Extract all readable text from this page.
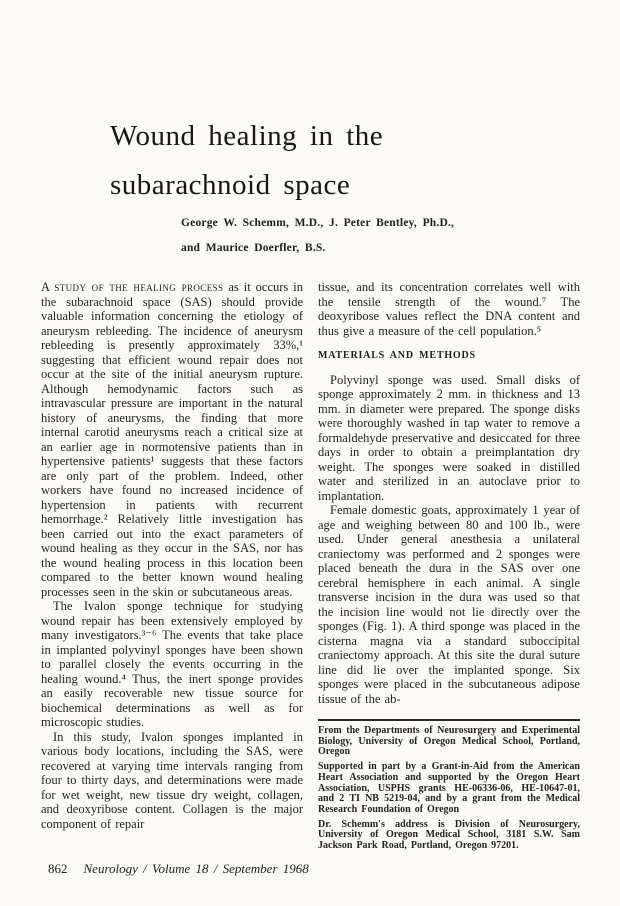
Wound healing in the
subarachnoid space
George W. Schemm, M.D., J. Peter Bentley, Ph.D.,
and Maurice Doerfler, B.S.

A study of the healing process as it occurs in the subarachnoid space (SAS) should provide valuable information concerning the etiology of aneurysm rebleeding. The incidence of aneurysm rebleeding is presently approximately 33%,¹ suggesting that efficient wound repair does not occur at the site of the initial aneurysm rupture. Although hemodynamic factors such as intravascular pressure are important in the natural history of aneurysms, the finding that more internal carotid aneurysms reach a critical size at an earlier age in normotensive patients than in hypertensive patients¹ suggests that these factors are only part of the problem. Indeed, other workers have found no increased incidence of hypertension in patients with recurrent hemorrhage.² Relatively little investigation has been carried out into the exact parameters of wound healing as they occur in the SAS, nor has the wound healing process in this location been compared to the better known wound healing processes seen in the skin or subcutaneous areas.

The Ivalon sponge technique for studying wound repair has been extensively employed by many investigators.³⁻⁶ The events that take place in implanted polyvinyl sponges have been shown to parallel closely the events occurring in the healing wound.⁴ Thus, the inert sponge provides an easily recoverable new tissue source for biochemical determinations as well as for microscopic studies.

In this study, Ivalon sponges implanted in various body locations, including the SAS, were recovered at varying time intervals ranging from four to thirty days, and determinations were made for wet weight, new tissue dry weight, collagen, and deoxyribose content. Collagen is the major component of repair

tissue, and its concentration correlates well with the tensile strength of the wound.⁷ The deoxyribose values reflect the DNA content and thus give a measure of the cell population.⁵

MATERIALS AND METHODS

Polyvinyl sponge was used. Small disks of sponge approximately 2 mm. in thickness and 13 mm. in diameter were prepared. The sponge disks were thoroughly washed in tap water to remove a formaldehyde preservative and desiccated for three days in order to obtain a preimplantation dry weight. The sponges were soaked in distilled water and sterilized in an autoclave prior to implantation.

Female domestic goats, approximately 1 year of age and weighing between 80 and 100 lb., were used. Under general anesthesia a unilateral craniectomy was performed and 2 sponges were placed beneath the dura in the SAS over one cerebral hemisphere in each animal. A single transverse incision in the dura was used so that the incision line would not lie directly over the sponges (Fig. 1). A third sponge was placed in the cisterna magna via a standard suboccipital craniectomy approach. At this site the dural suture line did lie over the implanted sponge. Six sponges were placed in the subcutaneous adipose tissue of the ab-

From the Departments of Neurosurgery and Experimental Biology, University of Oregon Medical School, Portland, Oregon

Supported in part by a Grant-in-Aid from the American Heart Association and supported by the Oregon Heart Association, USPHS grants HE-06336-06, HE-10647-01, and 2 TI NB 5219-04, and by a grant from the Medical Research Foundation of Oregon

Dr. Schemm's address is Division of Neurosurgery, University of Oregon Medical School, 3181 S.W. Sam Jackson Park Road, Portland, Oregon 97201.

862 Neurology / Volume 18 / September 1968
